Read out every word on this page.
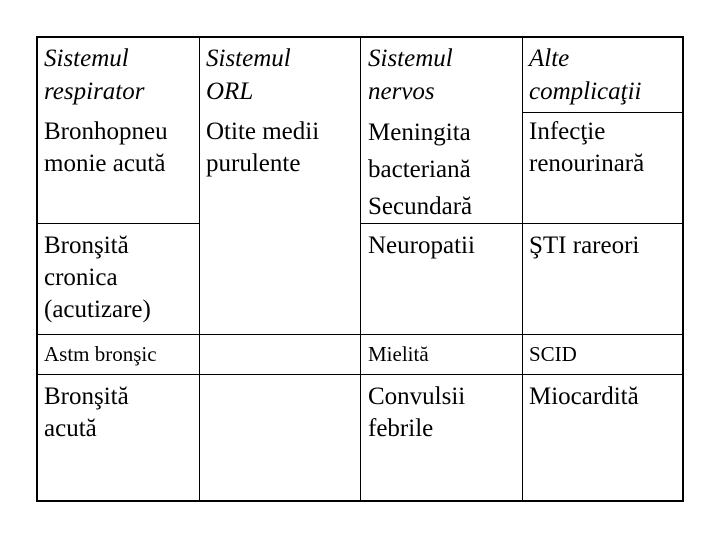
Sistemul
respirator
Sistemul
ORL
Sistemul
nervos
Alte
complicaţii
Bronhopneu
monie acută
Otite medii
purulente
Meningita
bacteriană
Secundară
Infecţie
renourinară
Bronşită
cronica
(acutizare)
Neuropatii ŞTI rareori
Astm bronşic	Mielită	SCID
Bronşită
acută
Convulsii
febrile
Miocardită
